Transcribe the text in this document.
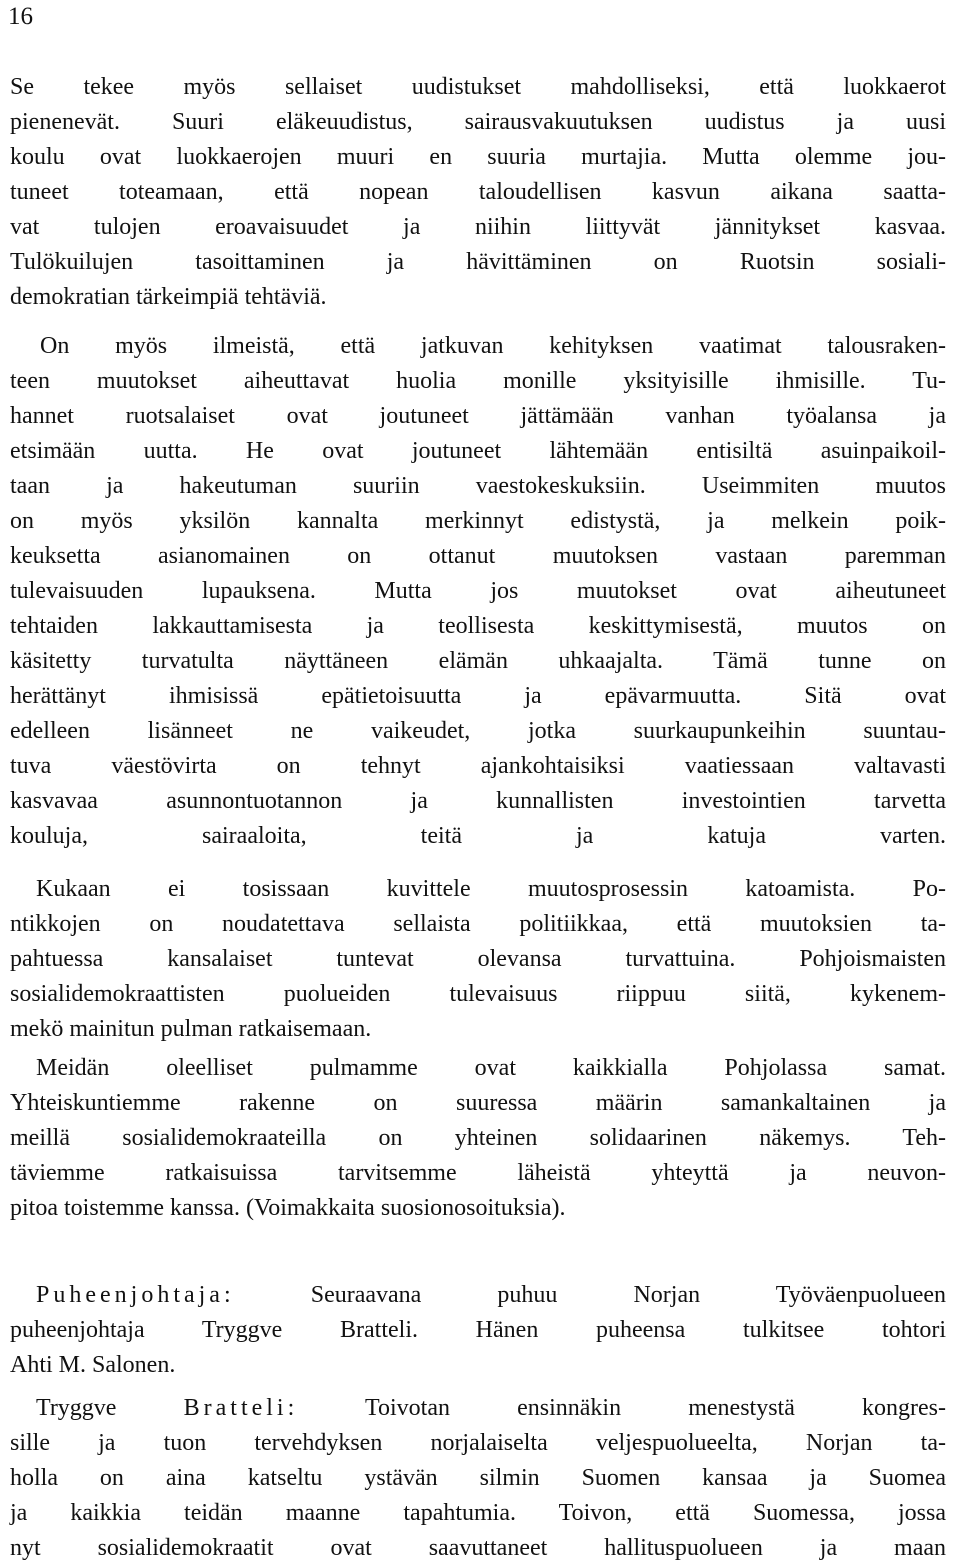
16
Se tekee myös sellaiset uudistukset mahdolliseksi, että luokkaerot
pienenevät. Suuri eläkeuudistus, sairausvakuutuksen uudistus ja uusi
koulu ovat luokkaerojen muuri en suuria murtajia. Mutta olemme jou-
tuneet toteamaan, että nopean taloudellisen kasvun aikana saatta-
vat tulojen eroavaisuudet ja niihin liittyvät jännitykset kasvaa.
Tulökuilujen tasoittaminen ja hävittäminen on Ruotsin sosiali-
demokratian tärkeimpiä tehtäviä.
On myös ilmeistä, että jatkuvan kehityksen vaatimat talousraken-
teen muutokset aiheuttavat huolia monille yksityisille ihmisille. Tu-
hannet ruotsalaiset ovat joutuneet jättämään vanhan työalansa ja
etsimään uutta. He ovat joutuneet lähtemään entisiltä asuinpaikoil-
taan ja hakeutuman suuriin vaestokeskuksiin. Useimmiten muutos
on myös yksilön kannalta merkinnyt edistystä, ja melkein poik-
keuksetta asianomainen on ottanut muutoksen vastaan paremman
tulevaisuuden lupauksena. Mutta jos muutokset ovat aiheutuneet
tehtaiden lakkauttamisesta ja teollisesta keskittymisestä, muutos on
käsitetty turvatulta näyttäneen elämän uhkaajalta. Tämä tunne on
herättänyt ihmisissä epätietoisuutta ja epävarmuutta. Sitä ovat
edelleen lisänneet ne vaikeudet, jotka suurkaupunkeihin suuntau-
tuva väestövirta on tehnyt ajankohtaisiksi vaatiessaan valtavasti
kasvavaa asunnontuotannon ja kunnallisten investointien tarvetta
kouluja, sairaaloita, teitä ja katuja varten.
Kukaan ei tosissaan kuvittele muutosprosessin katoamista. Po-
ntikkojen on noudatettava sellaista politiikkaa, että muutoksien ta-
pahtuessa kansalaiset tuntevat olevansa turvattuina. Pohjoismaisten
sosialidemokraattisten puolueiden tulevaisuus riippuu siitä, kykenem-
mekö mainitun pulman ratkaisemaan.
Meidän oleelliset pulmamme ovat kaikkialla Pohjolassa samat.
Yhteiskuntiemme rakenne on suuressa määrin samankaltainen ja
meillä sosialidemokraateilla on yhteinen solidaarinen näkemys. Teh-
täviemme ratkaisuissa tarvitsemme läheistä yhteyttä ja neuvon-
pitoa toistemme kanssa. (Voimakkaita suosionosoituksia).
Puheenjohtaja:	Seuraavana puhuu Norjan Työväenpuolueen
puheenjohtaja Tryggve Bratteli. Hänen puheensa tulkitsee tohtori
Ahti M. Salonen.
Tryggve	Bratteli:	Toivotan ensinnäkin menestystä kongres-
sille ja tuon tervehdyksen norjalaiselta veljespuolueelta, Norjan ta-
holla on aina katseltu ystävän silmin Suomen kansaa ja Suomea
ja kaikkia teidän maanne tapahtumia. Toivon, että Suomessa, jossa
nyt sosialidemokraatit ovat saavuttaneet hallituspuolueen ja maan
